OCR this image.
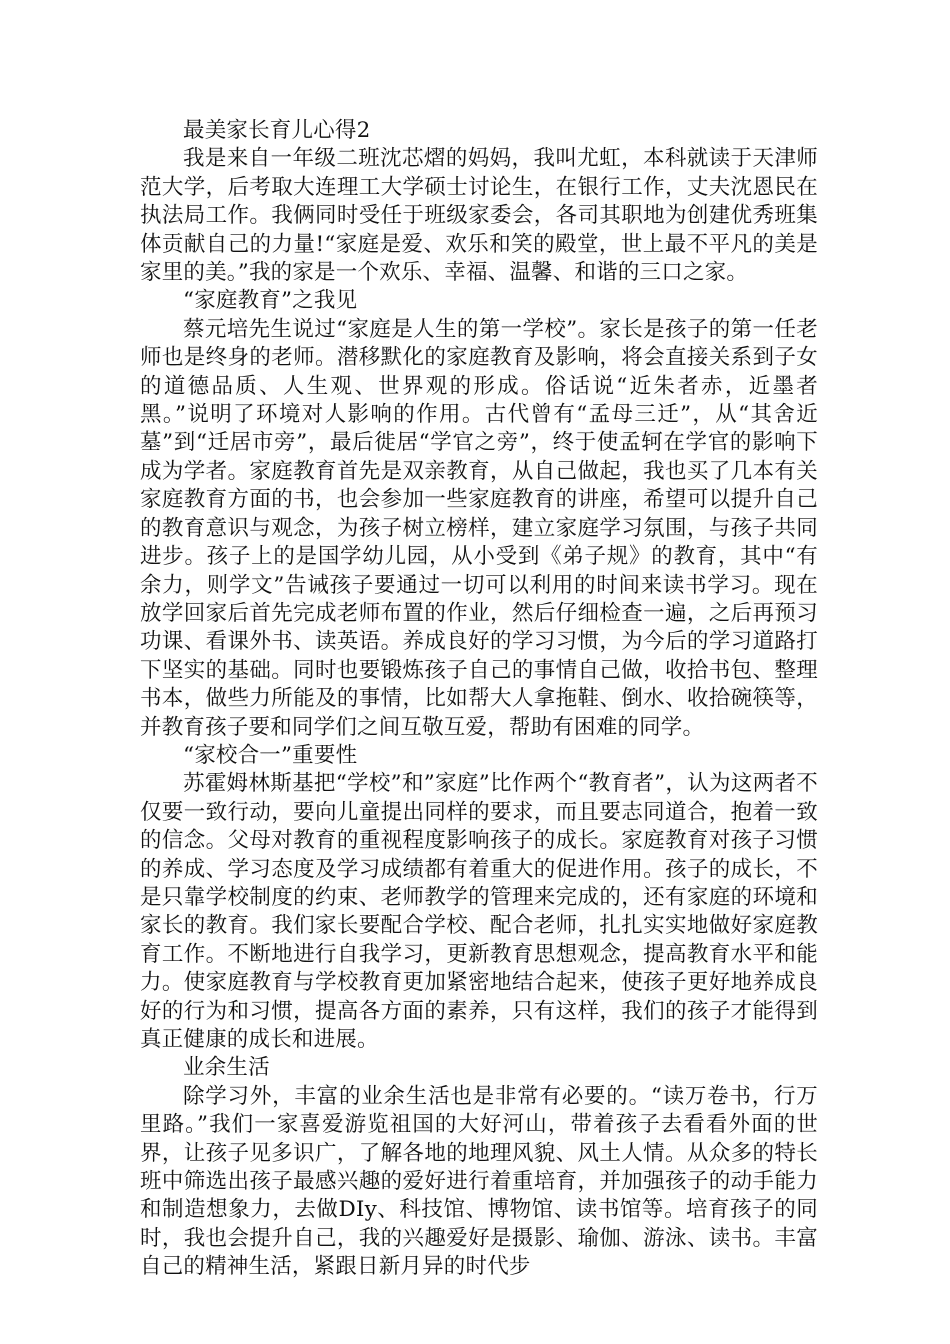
最美家长育儿心得2

我是来自一年级二班沈芯熠的妈妈，我叫尤虹，本科就读于天津师范大学，后考取大连理工大学硕士讨论生，在银行工作，丈夫沈恩民在执法局工作。我俩同时受任于班级家委会，各司其职地为创建优秀班集体贡献自己的力量!“家庭是爱、欢乐和笑的殿堂，世上最不平凡的美是家里的美。”我的家是一个欢乐、幸福、温馨、和谐的三口之家。

“家庭教育”之我见

蔡元培先生说过“家庭是人生的第一学校”。家长是孩子的第一任老师也是终身的老师。潜移默化的家庭教育及影响，将会直接关系到子女的道德品质、人生观、世界观的形成。俗话说“近朱者赤，近墨者黑。”说明了环境对人影响的作用。古代曾有“孟母三迁”，从“其舍近墓”到“迁居市旁”，最后徙居“学官之旁”，终于使孟轲在学官的影响下成为学者。家庭教育首先是双亲教育，从自己做起，我也买了几本有关家庭教育方面的书，也会参加一些家庭教育的讲座，希望可以提升自己的教育意识与观念，为孩子树立榜样，建立家庭学习氛围，与孩子共同进步。孩子上的是国学幼儿园，从小受到《弟子规》的教育，其中“有余力，则学文”告诫孩子要通过一切可以利用的时间来读书学习。现在放学回家后首先完成老师布置的作业，然后仔细检查一遍，之后再预习功课、看课外书、读英语。养成良好的学习习惯，为今后的学习道路打下坚实的基础。同时也要锻炼孩子自己的事情自己做，收拾书包、整理书本，做些力所能及的事情，比如帮大人拿拖鞋、倒水、收拾碗筷等，并教育孩子要和同学们之间互敬互爱，帮助有困难的同学。

“家校合一”重要性

苏霍姆林斯基把“学校”和”家庭”比作两个“教育者”，认为这两者不仅要一致行动，要向儿童提出同样的要求，而且要志同道合，抱着一致的信念。父母对教育的重视程度影响孩子的成长。家庭教育对孩子习惯的养成、学习态度及学习成绩都有着重大的促进作用。孩子的成长，不是只靠学校制度的约束、老师教学的管理来完成的，还有家庭的环境和家长的教育。我们家长要配合学校、配合老师，扎扎实实地做好家庭教育工作。不断地进行自我学习，更新教育思想观念，提高教育水平和能力。使家庭教育与学校教育更加紧密地结合起来，使孩子更好地养成良好的行为和习惯，提高各方面的素养，只有这样，我们的孩子才能得到真正健康的成长和进展。

业余生活

除学习外，丰富的业余生活也是非常有必要的。“读万卷书，行万里路。”我们一家喜爱游览祖国的大好河山，带着孩子去看看外面的世界，让孩子见多识广，了解各地的地理风貌、风土人情。从众多的特长班中筛选出孩子最感兴趣的爱好进行着重培育，并加强孩子的动手能力和制造想象力，去做DIy、科技馆、博物馆、读书馆等。培育孩子的同时，我也会提升自己，我的兴趣爱好是摄影、瑜伽、游泳、读书。丰富自己的精神生活，紧跟日新月异的时代步
